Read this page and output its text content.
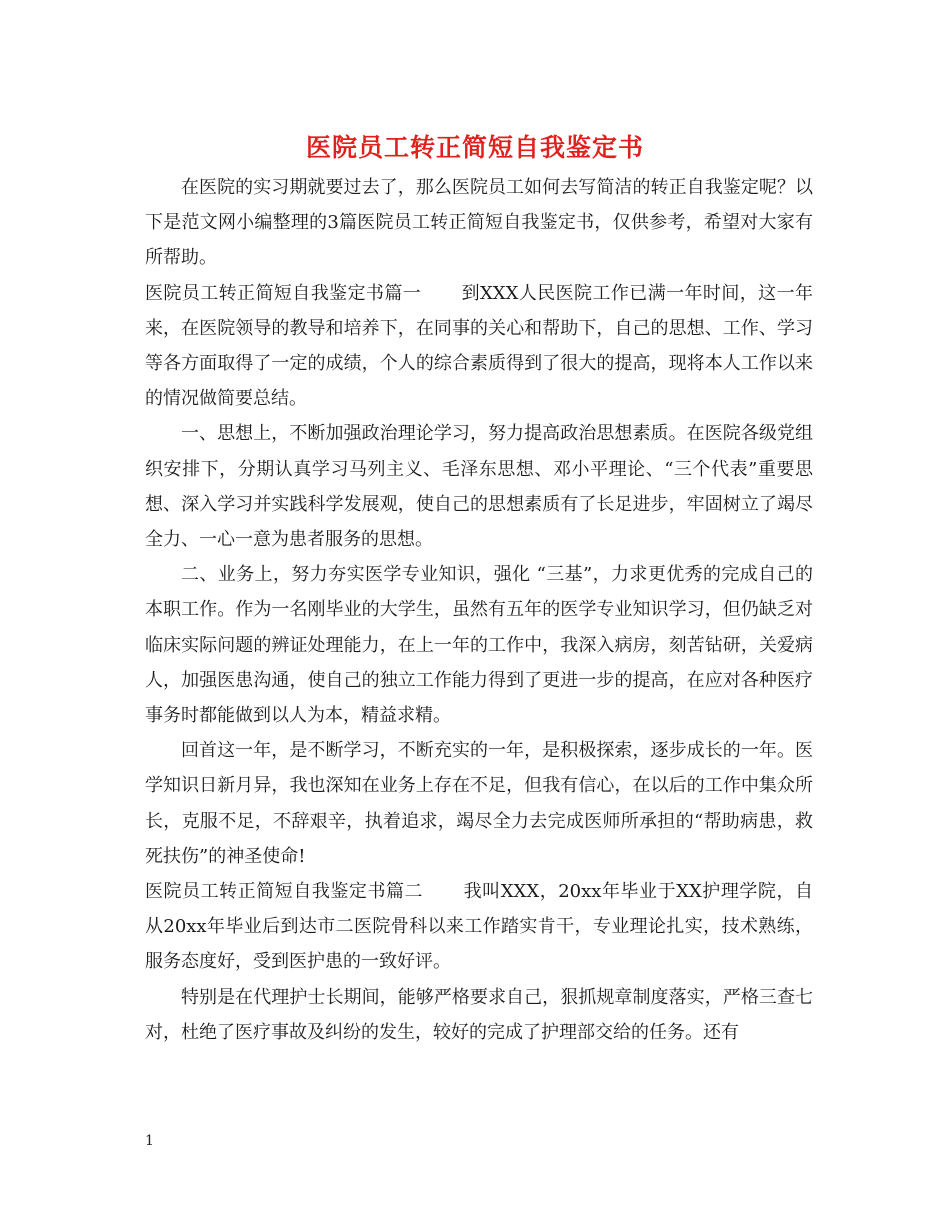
医院员工转正简短自我鉴定书

在医院的实习期就要过去了，那么医院员工如何去写简洁的转正自我鉴定呢？以下是范文网小编整理的3篇医院员工转正简短自我鉴定书，仅供参考，希望对大家有所帮助。

医院员工转正简短自我鉴定书篇一 到XXX人民医院工作已满一年时间，这一年来，在医院领导的教导和培养下，在同事的关心和帮助下，自己的思想、工作、学习等各方面取得了一定的成绩，个人的综合素质得到了很大的提高，现将本人工作以来的情况做简要总结。

一、思想上，不断加强政治理论学习，努力提高政治思想素质。在医院各级党组织安排下，分期认真学习马列主义、毛泽东思想、邓小平理论、“三个代表”重要思想、深入学习并实践科学发展观，使自己的思想素质有了长足进步，牢固树立了竭尽全力、一心一意为患者服务的思想。

二、业务上，努力夯实医学专业知识，强化 “三基”，力求更优秀的完成自己的本职工作。作为一名刚毕业的大学生，虽然有五年的医学专业知识学习，但仍缺乏对临床实际问题的辨证处理能力，在上一年的工作中，我深入病房，刻苦钻研，关爱病人，加强医患沟通，使自己的独立工作能力得到了更进一步的提高，在应对各种医疗事务时都能做到以人为本，精益求精。

回首这一年，是不断学习，不断充实的一年，是积极探索，逐步成长的一年。医学知识日新月异，我也深知在业务上存在不足，但我有信心，在以后的工作中集众所长，克服不足，不辞艰辛，执着追求，竭尽全力去完成医师所承担的“帮助病患，救死扶伤”的神圣使命!

医院员工转正简短自我鉴定书篇二 我叫XXX，20xx年毕业于XX护理学院，自从20xx年毕业后到达市二医院骨科以来工作踏实肯干，专业理论扎实，技术熟练，服务态度好，受到医护患的一致好评。

特别是在代理护士长期间，能够严格要求自己，狠抓规章制度落实，严格三查七对，杜绝了医疗事故及纠纷的发生，较好的完成了护理部交给的任务。还有

1
